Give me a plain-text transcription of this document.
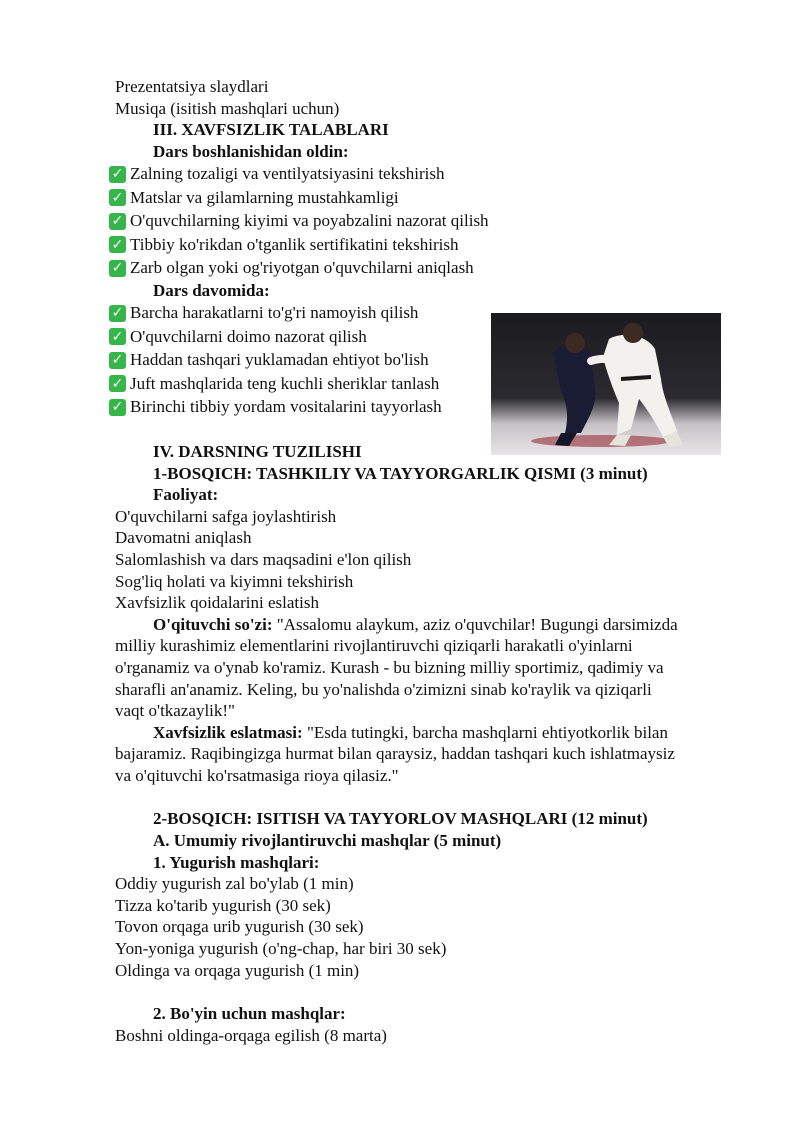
Prezentatsiya slaydlari
Musiqa (isitish mashqlari uchun)
III. XAVFSIZLIK TALABLARI
Dars boshlanishidan oldin:
✓ Zalning tozaligi va ventilyatsiyasini tekshirish
✓ Matslar va gilamlarning mustahkamligi
✓ O'quvchilarning kiyimi va poyabzalini nazorat qilish
✓ Tibbiy ko'rikdan o'tganlik sertifikatini tekshirish
✓ Zarb olgan yoki og'riyotgan o'quvchilarni aniqlash
Dars davomida:
✓ Barcha harakatlarni to'g'ri namoyish qilish
✓ O'quvchilarni doimo nazorat qilish
✓ Haddan tashqari yuklamadan ehtiyot bo'lish
✓ Juft mashqlarida teng kuchli sheriklar tanlash
✓ Birinchi tibbiy yordam vositalarini tayyorlash
IV. DARSNING TUZILISHI
1-BOSQICH: TASHKILIY VA TAYYORGARLIK QISMI (3 minut)
Faoliyat:
O'quvchilarni safga joylashtirish
Davomatni aniqlash
Salomlashish va dars maqsadini e'lon qilish
Sog'liq holati va kiyimni tekshirish
Xavfsizlik qoidalarini eslatish
O'qituvchi so'zi: "Assalomu alaykum, aziz o'quvchilar! Bugungi darsimizda
milliy kurashimiz elementlarini rivojlantiruvchi qiziqarli harakatli o'yinlarni
o'rganamiz va o'ynab ko'ramiz. Kurash - bu bizning milliy sportimiz, qadimiy va
sharafli an'anamiz. Keling, bu yo'nalishda o'zimizni sinab ko'raylik va qiziqarli
vaqt o'tkazaylik!"
Xavfsizlik eslatmasi: "Esda tutingki, barcha mashqlarni ehtiyotkorlik bilan
bajaramiz. Raqibingizga hurmat bilan qaraysiz, haddan tashqari kuch ishlatmaysiz
va o'qituvchi ko'rsatmasiga rioya qilasiz."
2-BOSQICH: ISITISH VA TAYYORLOV MASHQLARI (12 minut)
A. Umumiy rivojlantiruvchi mashqlar (5 minut)
1. Yugurish mashqlari:
Oddiy yugurish zal bo'ylab (1 min)
Tizza ko'tarib yugurish (30 sek)
Tovon orqaga urib yugurish (30 sek)
Yon-yoniga yugurish (o'ng-chap, har biri 30 sek)
Oldinga va orqaga yugurish (1 min)
2. Bo'yin uchun mashqlar:
Boshni oldinga-orqaga egilish (8 marta)
